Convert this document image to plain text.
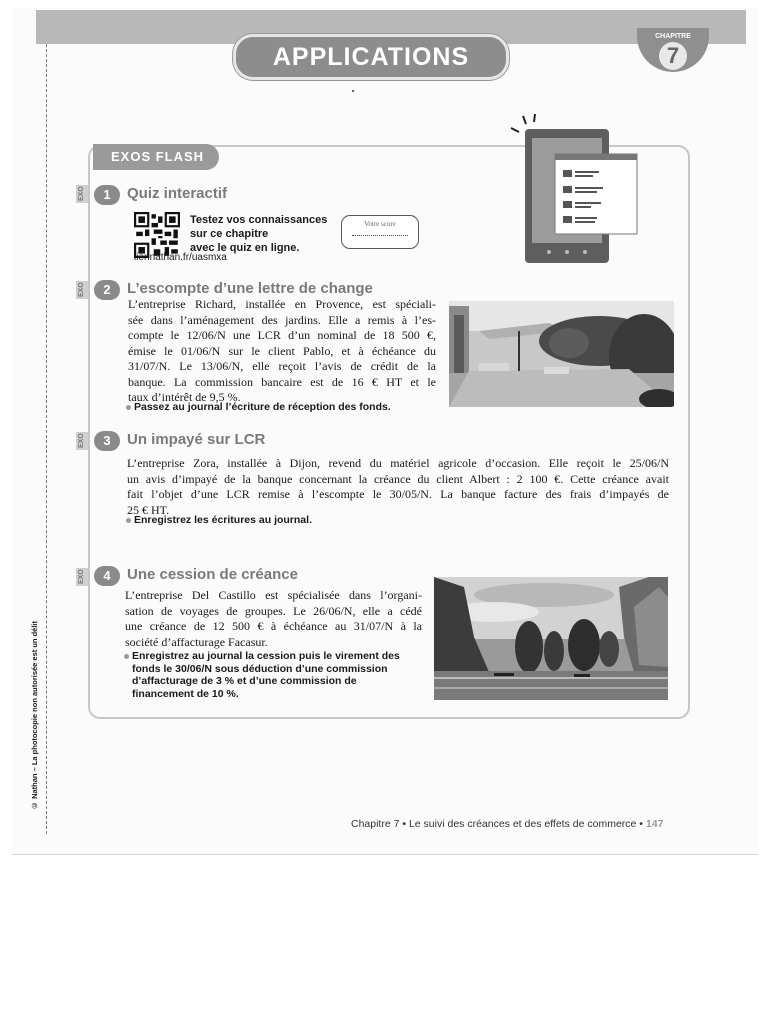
APPLICATIONS
CHAPITRE
7
EXOS FLASH
EXO	1	Quiz interactif
Testez vos connaissances
sur ce chapitre
avec le quiz en ligne.
liennathan.fr/uasmxa
Votre score
EXO	2	L’escompte d’une lettre de change
L’entreprise Richard, installée en Provence, est spéciali-
sée dans l’aménagement des jardins. Elle a remis à l’es-
compte le 12/06/N une LCR d’un nominal de 18 500 €,
émise le 01/06/N sur le client Pablo, et à échéance du
31/07/N. Le 13/06/N, elle reçoit l’avis de crédit de la
banque. La commission bancaire est de 16 € HT et le
taux d’intérêt de 9,5 %.
Passez au journal l’écriture de réception des fonds.
EXO	3	Un impayé sur LCR
L’entreprise Zora, installée à Dijon, revend du matériel agricole d’occasion. Elle reçoit le 25/06/N
un avis d’impayé de la banque concernant la créance du client Albert : 2 100 €. Cette créance avait
fait l’objet d’une LCR remise à l’escompte le 30/05/N. La banque facture des frais d’impayés de
25 € HT.
Enregistrez les écritures au journal.
EXO	4	Une cession de créance
L’entreprise Del Castillo est spécialisée dans l’organi-
sation de voyages de groupes. Le 26/06/N, elle a cédé
une créance de 12 500 € à échéance au 31/07/N à la
société d’affacturage Facasur.
Enregistrez au journal la cession puis le virement des
fonds le 30/06/N sous déduction d’une commission
d’affacturage de 3 % et d’une commission de
financement de 10 %.
© Nathan – La photocopie non autorisée est un délit
Chapitre 7 • Le suivi des créances et des effets de commerce • 147
